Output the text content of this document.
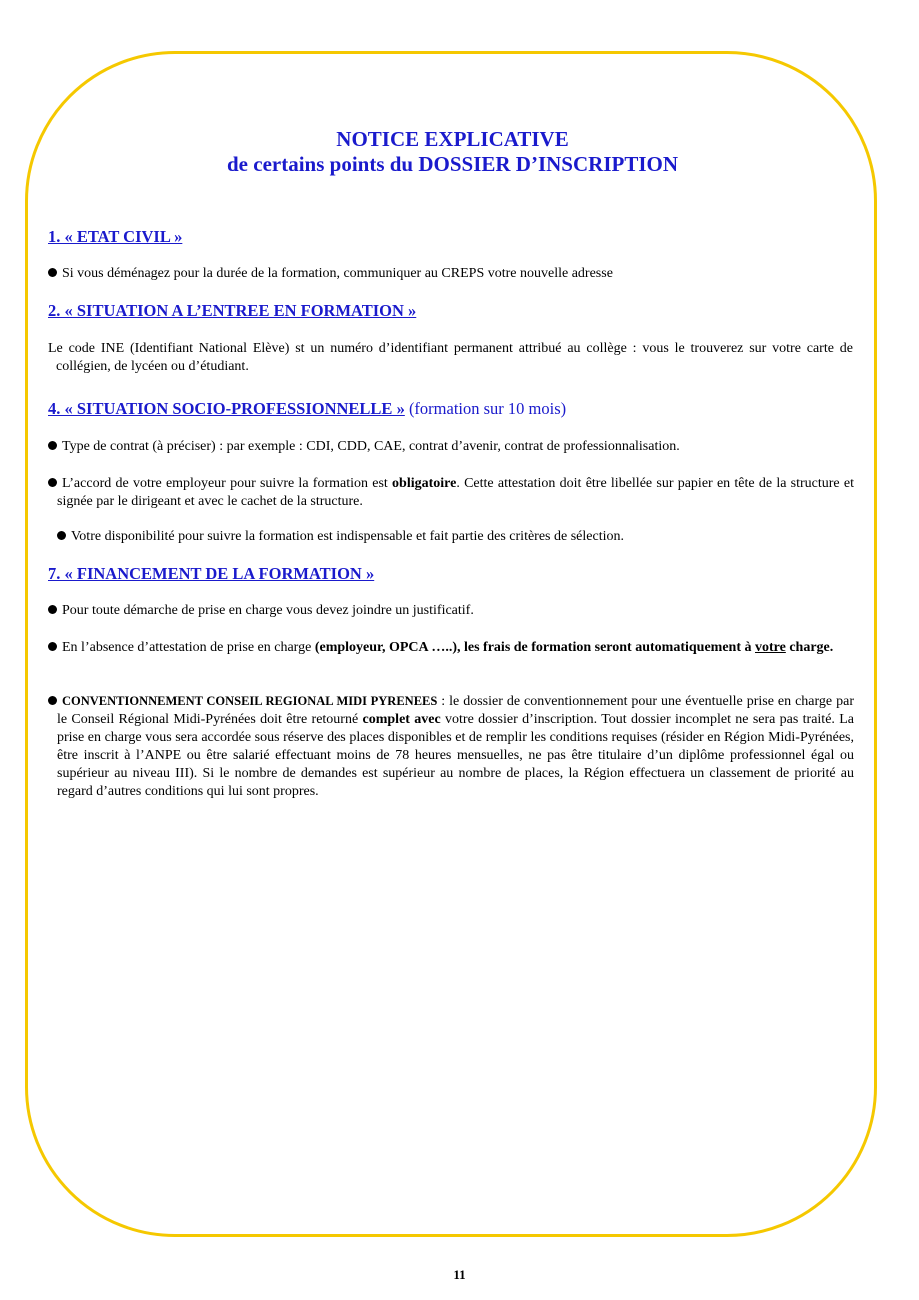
NOTICE EXPLICATIVE
de certains points du DOSSIER D’INSCRIPTION
1. « ETAT CIVIL »
Si vous déménagez pour la durée de la formation, communiquer au CREPS votre nouvelle adresse
2. « SITUATION A L’ENTREE EN FORMATION »
Le code INE (Identifiant National Elève) st un numéro d’identifiant permanent attribué au collège : vous le trouverez sur votre carte de collégien, de lycéen ou d’étudiant.
4. « SITUATION SOCIO-PROFESSIONNELLE » (formation sur 10 mois)
Type de contrat (à préciser) : par exemple : CDI, CDD, CAE, contrat d’avenir, contrat de professionnalisation.
L’accord de votre employeur pour suivre la formation est obligatoire. Cette attestation doit être libellée sur papier en tête de la structure et signée par le dirigeant et avec le cachet de la structure.
Votre disponibilité pour suivre la formation est indispensable et fait partie des critères de sélection.
7. « FINANCEMENT DE LA FORMATION »
Pour toute démarche de prise en charge vous devez joindre un justificatif.
En l’absence d’attestation de prise en charge (employeur, OPCA …..), les frais de formation seront automatiquement à votre charge.
CONVENTIONNEMENT CONSEIL REGIONAL MIDI PYRENEES : le dossier de conventionnement pour une éventuelle prise en charge par le Conseil Régional Midi-Pyrénées doit être retourné complet avec votre dossier d’inscription. Tout dossier incomplet ne sera pas traité. La prise en charge vous sera accordée sous réserve des places disponibles et de remplir les conditions requises (résider en Région Midi-Pyrénées, être inscrit à l’ANPE ou être salarié effectuant moins de 78 heures mensuelles, ne pas être titulaire d’un diplôme professionnel égal ou supérieur au niveau III). Si le nombre de demandes est supérieur au nombre de places, la Région effectuera un classement de priorité au regard d’autres conditions qui lui sont propres.
11
